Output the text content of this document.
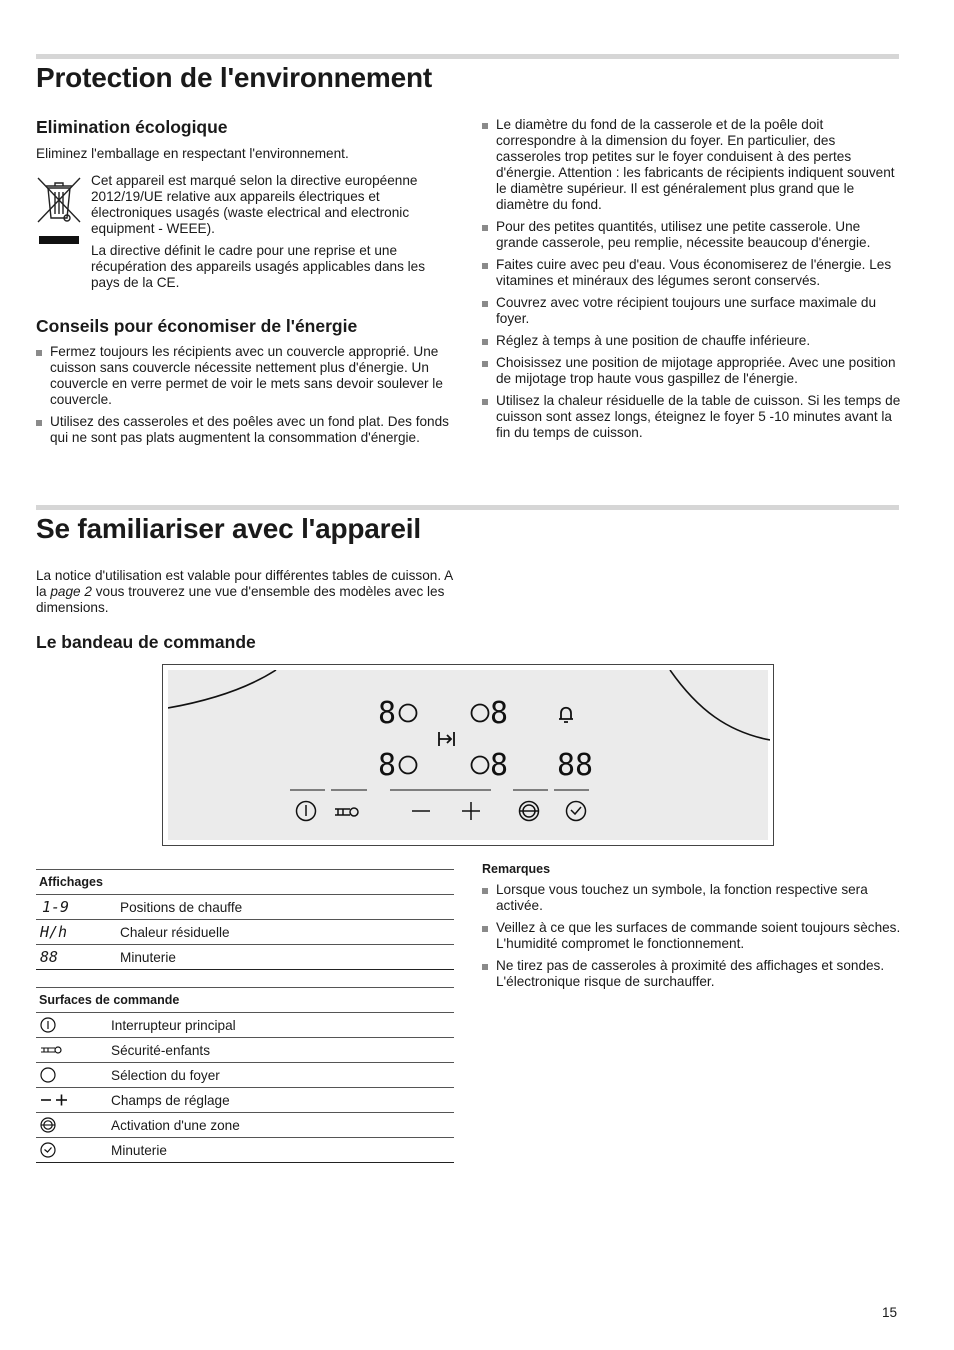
Protection de l'environnement
Elimination écologique

Eliminez l'emballage en respectant l'environnement.

Cet appareil est marqué selon la directive européenne 2012/19/UE relative aux appareils électriques et électroniques usagés (waste electrical and electronic equipment - WEEE).

La directive définit le cadre pour une reprise et une récupération des appareils usagés applicables dans les pays de la CE.

Conseils pour économiser de l'énergie
Fermez toujours les récipients avec un couvercle approprié. Une cuisson sans couvercle nécessite nettement plus d'énergie. Un couvercle en verre permet de voir le mets sans devoir soulever le couvercle.
Utilisez des casseroles et des poêles avec un fond plat. Des fonds qui ne sont pas plats augmentent la consommation d'énergie.
Le diamètre du fond de la casserole et de la poêle doit correspondre à la dimension du foyer. En particulier, des casseroles trop petites sur le foyer conduisent à des pertes d'énergie. Attention : les fabricants de récipients indiquent souvent le diamètre supérieur. Il est généralement plus grand que le diamètre du fond.
Pour des petites quantités, utilisez une petite casserole. Une grande casserole, peu remplie, nécessite beaucoup d'énergie.
Faites cuire avec peu d'eau. Vous économiserez de l'énergie. Les vitamines et minéraux des légumes seront conservés.
Couvrez avec votre récipient toujours une surface maximale du foyer.
Réglez à temps à une position de chauffe inférieure.
Choisissez une position de mijotage appropriée. Avec une position de mijotage trop haute vous gaspillez de l'énergie.
Utilisez la chaleur résiduelle de la table de cuisson. Si les temps de cuisson sont assez longs, éteignez le foyer 5 -10 minutes avant la fin du temps de cuisson.
Se familiariser avec l'appareil

La notice d'utilisation est valable pour différentes tables de cuisson. A la page 2 vous trouverez une vue d'ensemble des modèles avec les dimensions.

Le bandeau de commande
8	8
8	8 88
Affichages	
1-9	Positions de chauffe
H/h	Chaleur résiduelle
88	Minuterie
Surfaces de commande	
	Interrupteur principal
	Sécurité-enfants
	Sélection du foyer
	Champs de réglage
	Activation d'une zone
	Minuterie
Remarques
Lorsque vous touchez un symbole, la fonction respective sera activée.
Veillez à ce que les surfaces de commande soient toujours sèches. L'humidité compromet le fonctionnement.
Ne tirez pas de casseroles à proximité des affichages et sondes. L'électronique risque de surchauffer.
15
